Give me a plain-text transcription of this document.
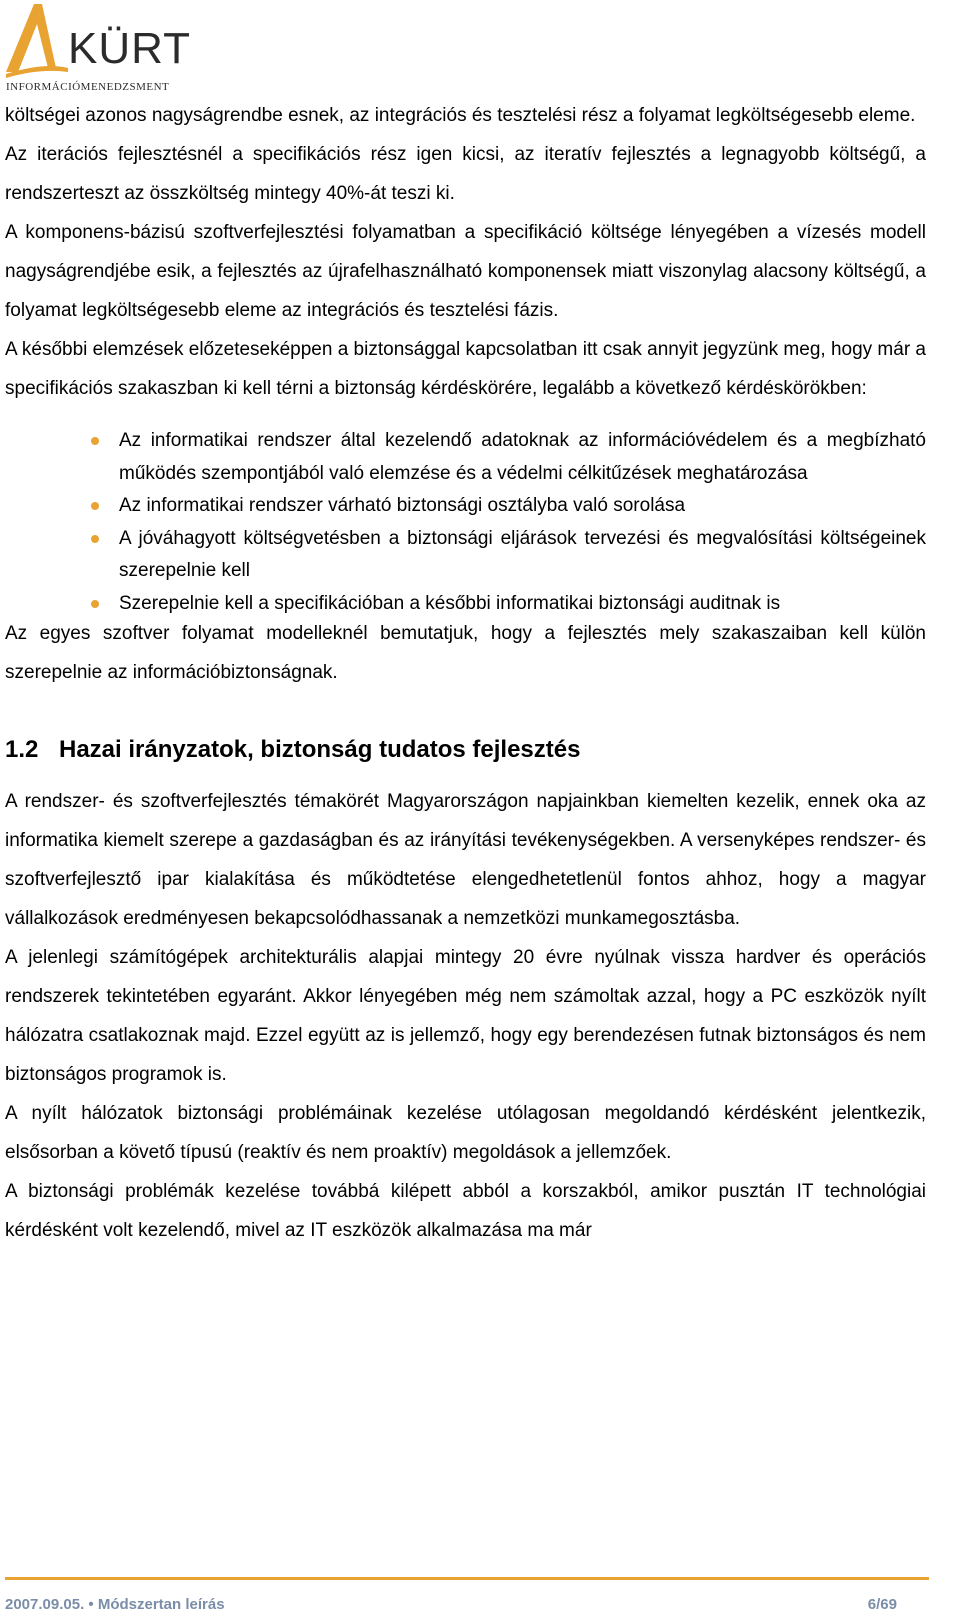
KÜRT
INFORMÁCIÓMENEDZSMENT

költségei azonos nagyságrendbe esnek, az integrációs és tesztelési rész a folyamat legköltségesebb eleme.

Az iterációs fejlesztésnél a specifikációs rész igen kicsi, az iteratív fejlesztés a legnagyobb költségű, a rendszerteszt az összköltség mintegy 40%-át teszi ki.

A komponens-bázisú szoftverfejlesztési folyamatban a specifikáció költsége lényegében a vízesés modell nagyságrendjébe esik, a fejlesztés az újrafelhasználható komponensek miatt viszonylag alacsony költségű, a folyamat legköltségesebb eleme az integrációs és tesztelési fázis.

A későbbi elemzések előzeteseképpen a biztonsággal kapcsolatban itt csak annyit jegyzünk meg, hogy már a specifikációs szakaszban ki kell térni a biztonság kérdéskörére, legalább a következő kérdéskörökben:

Az informatikai rendszer által kezelendő adatoknak az információvédelem és a megbízható működés szempontjából való elemzése és a védelmi célkitűzések meghatározása
Az informatikai rendszer várható biztonsági osztályba való sorolása
A jóváhagyott költségvetésben a biztonsági eljárások tervezési és megvalósítási költségeinek szerepelnie kell
Szerepelnie kell a specifikációban a későbbi informatikai biztonsági auditnak is

Az egyes szoftver folyamat modelleknél bemutatjuk, hogy a fejlesztés mely szakaszaiban kell külön szerepelnie az információbiztonságnak.

1.2 Hazai irányzatok, biztonság tudatos fejlesztés

A rendszer- és szoftverfejlesztés témakörét Magyarországon napjainkban kiemelten kezelik, ennek oka az informatika kiemelt szerepe a gazdaságban és az irányítási tevékenységekben. A versenyképes rendszer- és szoftverfejlesztő ipar kialakítása és működtetése elengedhetetlenül fontos ahhoz, hogy a magyar vállalkozások eredményesen bekapcsolódhassanak a nemzetközi munkamegosztásba.

A jelenlegi számítógépek architekturális alapjai mintegy 20 évre nyúlnak vissza hardver és operációs rendszerek tekintetében egyaránt. Akkor lényegében még nem számoltak azzal, hogy a PC eszközök nyílt hálózatra csatlakoznak majd. Ezzel együtt az is jellemző, hogy egy berendezésen futnak biztonságos és nem biztonságos programok is.

A nyílt hálózatok biztonsági problémáinak kezelése utólagosan megoldandó kérdésként jelentkezik, elsősorban a követő típusú (reaktív és nem proaktív) megoldások a jellemzőek.

A biztonsági problémák kezelése továbbá kilépett abból a korszakból, amikor pusztán IT technológiai kérdésként volt kezelendő, mivel az IT eszközök alkalmazása ma már

2007.09.05. • Módszertan leírás	6/69
